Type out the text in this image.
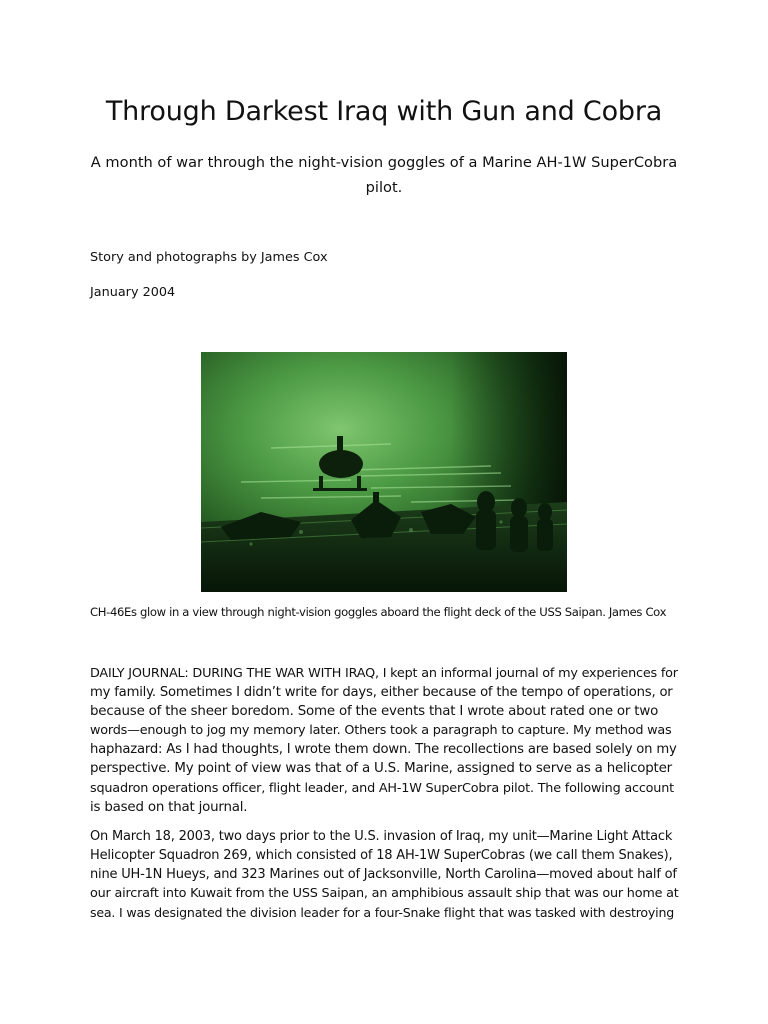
Through Darkest Iraq with Gun and Cobra
A month of war through the night-vision goggles of a Marine AH-1W SuperCobra
pilot.

Story and photographs by James Cox

January 2004

CH-46Es glow in a view through night-vision goggles aboard the flight deck of the USS Saipan. James Cox

DAILY JOURNAL: DURING THE WAR WITH IRAQ, I kept an informal journal of my experiences for
my family. Sometimes I didn’t write for days, either because of the tempo of operations, or
because of the sheer boredom. Some of the events that I wrote about rated one or two
words—enough to jog my memory later. Others took a paragraph to capture. My method was
haphazard: As I had thoughts, I wrote them down. The recollections are based solely on my
perspective. My point of view was that of a U.S. Marine, assigned to serve as a helicopter
squadron operations officer, flight leader, and AH-1W SuperCobra pilot. The following account
is based on that journal.
On March 18, 2003, two days prior to the U.S. invasion of Iraq, my unit—Marine Light Attack
Helicopter Squadron 269, which consisted of 18 AH-1W SuperCobras (we call them Snakes),
nine UH-1N Hueys, and 323 Marines out of Jacksonville, North Carolina—moved about half of
our aircraft into Kuwait from the USS Saipan, an amphibious assault ship that was our home at
sea. I was designated the division leader for a four-Snake flight that was tasked with destroying
